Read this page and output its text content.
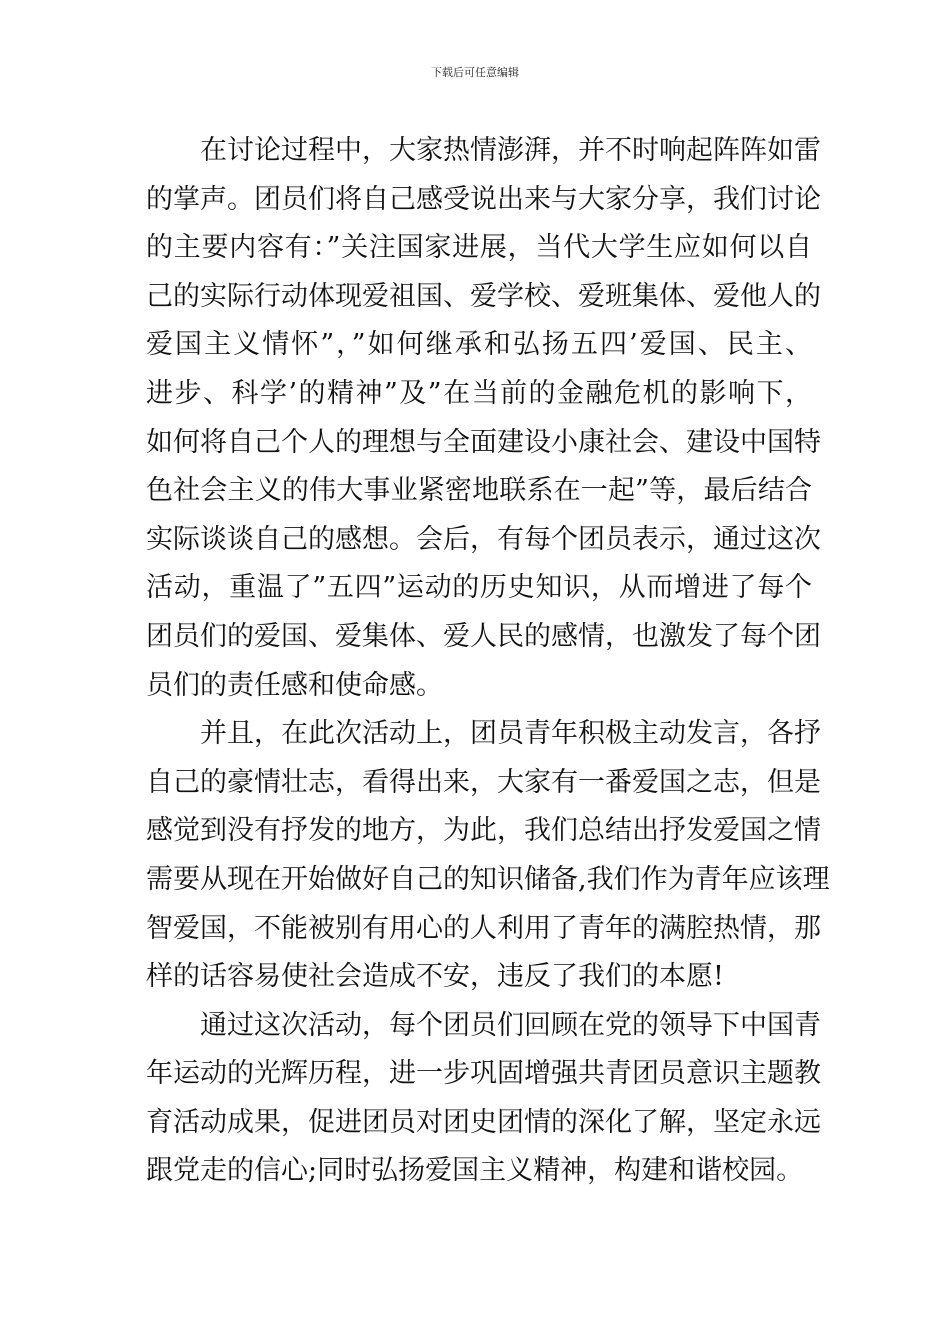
下载后可任意编辑
在讨论过程中，大家热情澎湃，并不时响起阵阵如雷
的掌声。团员们将自己感受说出来与大家分享，我们讨论
的主要内容有：”关注国家进展，当代大学生应如何以自
己的实际行动体现爱祖国、爱学校、爱班集体、爱他人的
爱国主义情怀”，”如何继承和弘扬五四’爱国、民主、
进步、科学’的精神”及”在当前的金融危机的影响下，
如何将自己个人的理想与全面建设小康社会、建设中国特
色社会主义的伟大事业紧密地联系在一起”等，最后结合
实际谈谈自己的感想。会后，有每个团员表示，通过这次
活动，重温了”五四”运动的历史知识，从而增进了每个
团员们的爱国、爱集体、爱人民的感情，也激发了每个团
员们的责任感和使命感。
并且，在此次活动上，团员青年积极主动发言，各抒
自己的豪情壮志，看得出来，大家有一番爱国之志，但是
感觉到没有抒发的地方，为此，我们总结出抒发爱国之情
需要从现在开始做好自己的知识储备,我们作为青年应该理
智爱国，不能被别有用心的人利用了青年的满腔热情，那
样的话容易使社会造成不安，违反了我们的本愿!
通过这次活动，每个团员们回顾在党的领导下中国青
年运动的光辉历程，进一步巩固增强共青团员意识主题教
育活动成果，促进团员对团史团情的深化了解，坚定永远
跟党走的信心;同时弘扬爱国主义精神，构建和谐校园。
